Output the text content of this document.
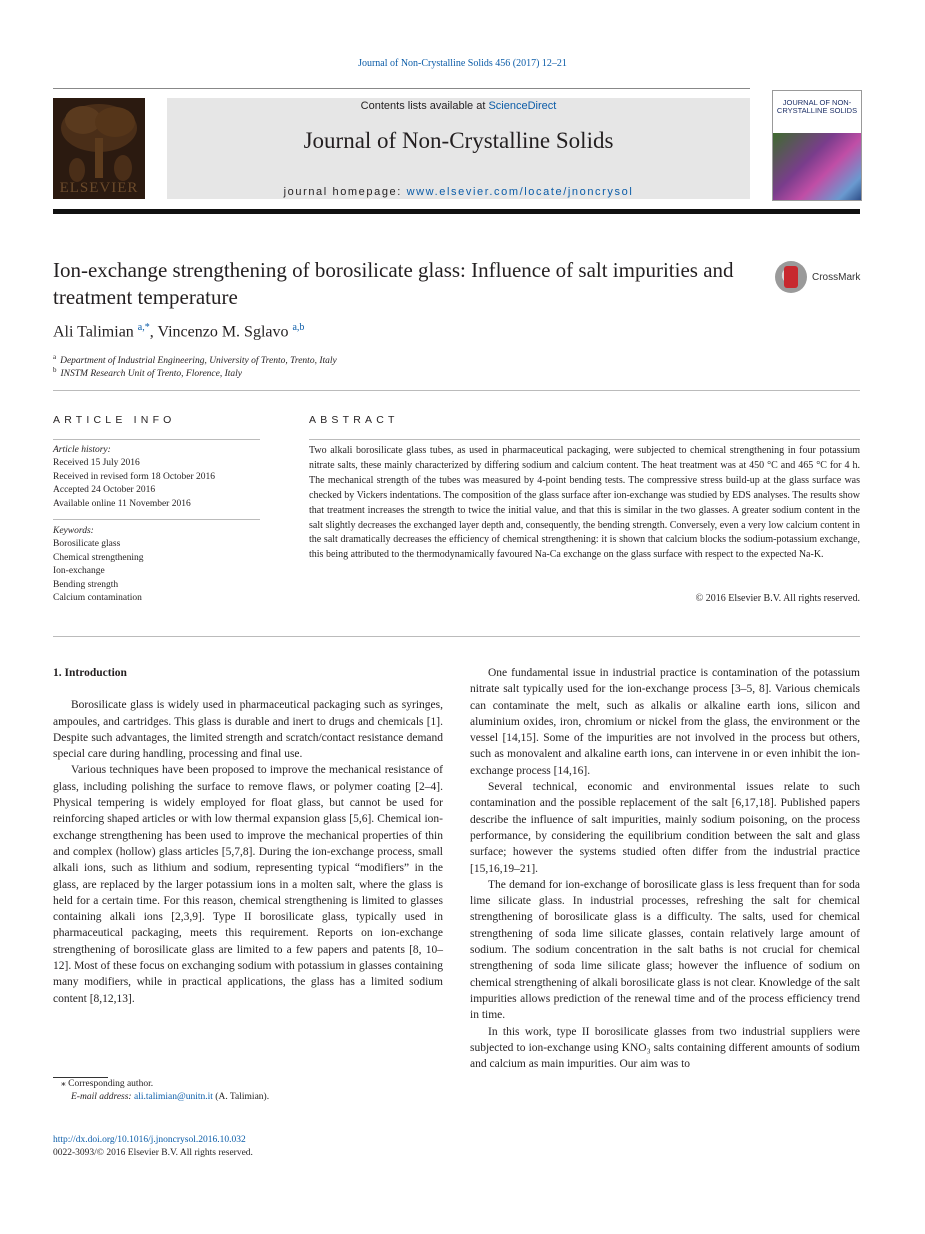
Journal of Non-Crystalline Solids 456 (2017) 12–21
ELSEVIER
Contents lists available at ScienceDirect
Journal of Non-Crystalline Solids
journal homepage: www.elsevier.com/locate/jnoncrysol
JOURNAL OF NON-CRYSTALLINE SOLIDS
Ion-exchange strengthening of borosilicate glass: Influence of salt impurities and treatment temperature
CrossMark
Ali Talimian $^{a,*}$, Vincenzo M. Sglavo $^{a,b}$
$^a$ Department of Industrial Engineering, University of Trento, Trento, Italy
$^b$ INSTM Research Unit of Trento, Florence, Italy
ARTICLE INFO
Article history:
Received 15 July 2016
Received in revised form 18 October 2016
Accepted 24 October 2016
Available online 11 November 2016
Keywords:
Borosilicate glass
Chemical strengthening
Ion-exchange
Bending strength
Calcium contamination
ABSTRACT
Two alkali borosilicate glass tubes, as used in pharmaceutical packaging, were subjected to chemical strengthening in four potassium nitrate salts, these mainly characterized by differing sodium and calcium content. The heat treatment was at 450 °C and 465 °C for 4 h. The mechanical strength of the tubes was measured by 4-point bending tests. The compressive stress build-up at the glass surface was checked by Vickers indentations. The composition of the glass surface after ion-exchange was studied by EDS analyses. The results show that treatment increases the strength to twice the initial value, and that this is similar in the two glasses. A greater sodium content in the salt slightly decreases the exchanged layer depth and, consequently, the bending strength. Conversely, even a very low calcium content in the salt dramatically decreases the efficiency of chemical strengthening: it is shown that calcium blocks the sodium-potassium exchange, this being attributed to the thermodynamically favoured Na-Ca exchange on the glass surface with respect to the expected Na-K.
© 2016 Elsevier B.V. All rights reserved.
1. Introduction

Borosilicate glass is widely used in pharmaceutical packaging such as syringes, ampoules, and cartridges. This glass is durable and inert to drugs and chemicals [1]. Despite such advantages, the limited strength and scratch/contact resistance demand special care during handling, processing and final use.

Various techniques have been proposed to improve the mechanical resistance of glass, including polishing the surface to remove flaws, or polymer coating [2–4]. Physical tempering is widely employed for float glass, but cannot be used for reinforcing shaped articles or with low thermal expansion glass [5,6]. Chemical ion-exchange strengthening has been used to improve the mechanical properties of thin and complex (hollow) glass articles [5,7,8]. During the ion-exchange process, small alkali ions, such as lithium and sodium, representing typical “modifiers” in the glass, are replaced by the larger potassium ions in a molten salt, where the glass is held for a certain time. For this reason, chemical strengthening is limited to glasses containing alkali ions [2,3,9]. Type II borosilicate glass, typically used in pharmaceutical packaging, meets this requirement. Reports on ion-exchange strengthening of borosilicate glass are limited to a few papers and patents [8, 10–12]. Most of these focus on exchanging sodium with potassium in glasses containing many modifiers, while in practical applications, the glass has a limited sodium content [8,12,13].

One fundamental issue in industrial practice is contamination of the potassium nitrate salt typically used for the ion-exchange process [3–5, 8]. Various chemicals can contaminate the melt, such as alkalis or alkaline earth ions, silicon and aluminium oxides, iron, chromium or nickel from the glass, the environment or the vessel [14,15]. Some of the impurities are not involved in the process but others, such as monovalent and alkaline earth ions, can intervene in or even inhibit the ion-exchange process [14,16].

Several technical, economic and environmental issues relate to such contamination and the possible replacement of the salt [6,17,18]. Published papers describe the influence of salt impurities, mainly sodium poisoning, on the process performance, by considering the equilibrium condition between the salt and glass surface; however the systems studied often differ from the industrial practice [15,16,19–21].

The demand for ion-exchange of borosilicate glass is less frequent than for soda lime silicate glass. In industrial processes, refreshing the salt for chemical strengthening of borosilicate glass is a difficulty. The salts, used for chemical strengthening of soda lime silicate glasses, contain relatively large amount of sodium. The sodium concentration in the salt baths is not crucial for chemical strengthening of soda lime silicate glass; however the influence of sodium on chemical strengthening of alkali borosilicate glass is not clear. Knowledge of the salt impurities allows prediction of the renewal time and of the process efficiency trend in time.

In this work, type II borosilicate glasses from two industrial suppliers were subjected to ion-exchange using KNO₃ salts containing different amounts of sodium and calcium as main impurities. Our aim was to

⁎ Corresponding author.
E-mail address: ali.talimian@unitn.it (A. Talimian).
http://dx.doi.org/10.1016/j.jnoncrysol.2016.10.032
0022-3093/© 2016 Elsevier B.V. All rights reserved.
